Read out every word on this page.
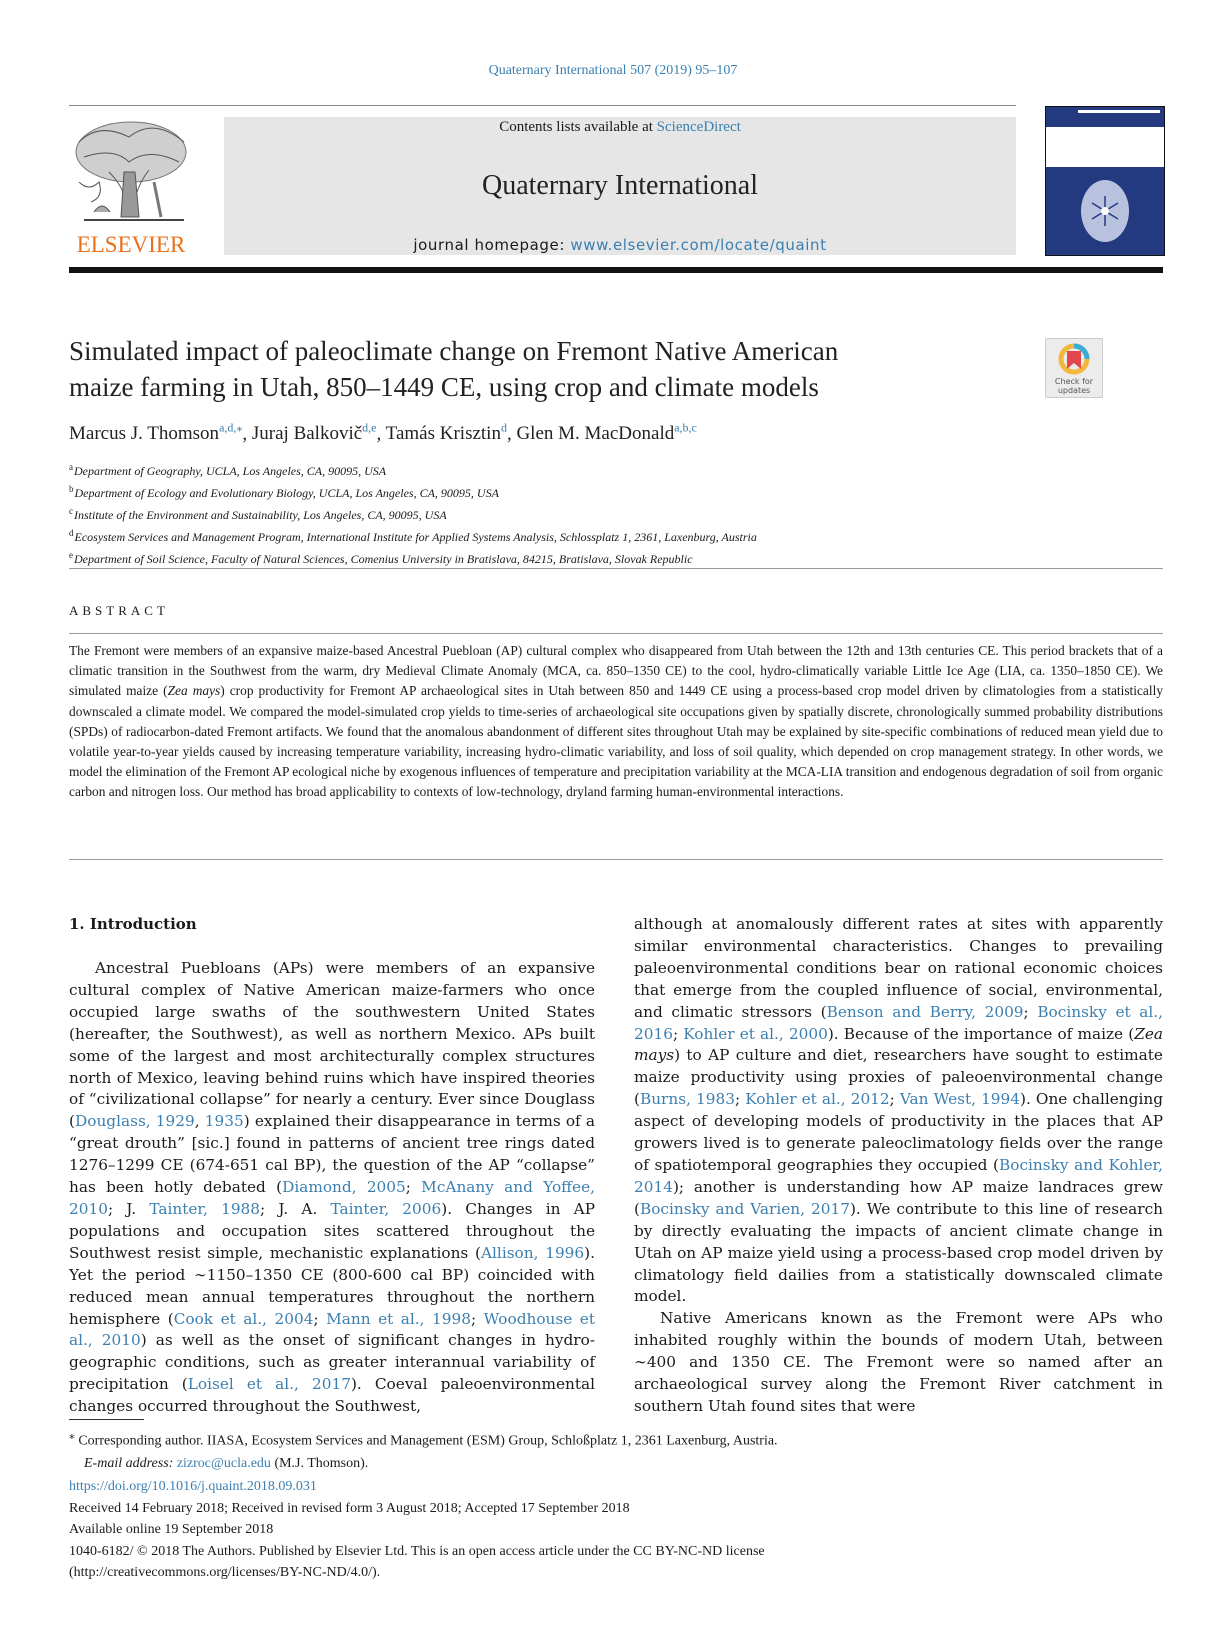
Quaternary International 507 (2019) 95–107
ELSEVIER
Contents lists available at ScienceDirect
Quaternary International
journal homepage: www.elsevier.com/locate/quaint
Simulated impact of paleoclimate change on Fremont Native American
maize farming in Utah, 850–1449 CE, using crop and climate models	Check for
updates
Marcus J. Thomson$^{a,d,⁎}$, Juraj Balkovič$^{d,e}$, Tamás Krisztin$^d$, Glen M. MacDonald$^{a,b,c}$
$^a$Department of Geography, UCLA, Los Angeles, CA, 90095, USA
$^b$Department of Ecology and Evolutionary Biology, UCLA, Los Angeles, CA, 90095, USA
$^c$Institute of the Environment and Sustainability, Los Angeles, CA, 90095, USA
$^d$Ecosystem Services and Management Program, International Institute for Applied Systems Analysis, Schlossplatz 1, 2361, Laxenburg, Austria
$^e$Department of Soil Science, Faculty of Natural Sciences, Comenius University in Bratislava, 84215, Bratislava, Slovak Republic
ABSTRACT
The Fremont were members of an expansive maize-based Ancestral Puebloan (AP) cultural complex who disappeared from Utah between the 12th and 13th centuries CE. This period brackets that of a climatic transition in the Southwest from the warm, dry Medieval Climate Anomaly (MCA, ca. 850–1350 CE) to the cool, hydro-climatically variable Little Ice Age (LIA, ca. 1350–1850 CE). We simulated maize (Zea mays) crop productivity for Fremont AP archaeological sites in Utah between 850 and 1449 CE using a process-based crop model driven by climatologies from a statistically downscaled a climate model. We compared the model-simulated crop yields to time-series of archaeological site occupations given by spatially discrete, chronologically summed probability distributions (SPDs) of radiocarbon-dated Fremont artifacts. We found that the anomalous abandonment of different sites throughout Utah may be explained by site-specific combinations of reduced mean yield due to volatile year-to-year yields caused by increasing temperature variability, increasing hydro-climatic variability, and loss of soil quality, which depended on crop management strategy. In other words, we model the elimination of the Fremont AP ecological niche by exogenous influences of temperature and precipitation variability at the MCA-LIA transition and endogenous degradation of soil from organic carbon and nitrogen loss. Our method has broad applicability to contexts of low-technology, dryland farming human-environmental interactions.
1. Introduction

Ancestral Puebloans (APs) were members of an expansive cultural complex of Native American maize-farmers who once occupied large swaths of the southwestern United States (hereafter, the Southwest), as well as northern Mexico. APs built some of the largest and most architecturally complex structures north of Mexico, leaving behind ruins which have inspired theories of “civilizational collapse” for nearly a century. Ever since Douglass (Douglass, 1929, 1935) explained their disappearance in terms of a “great drouth” [sic.] found in patterns of ancient tree rings dated 1276–1299 CE (674-651 cal BP), the question of the AP “collapse” has been hotly debated (Diamond, 2005; McAnany and Yoffee, 2010; J. Tainter, 1988; J. A. Tainter, 2006). Changes in AP populations and occupation sites scattered throughout the Southwest resist simple, mechanistic explanations (Allison, 1996). Yet the period ∼1150–1350 CE (800-600 cal BP) coincided with reduced mean annual temperatures throughout the northern hemisphere (Cook et al., 2004; Mann et al., 1998; Woodhouse et al., 2010) as well as the onset of significant changes in hydro-geographic conditions, such as greater interannual variability of precipitation (Loisel et al., 2017). Coeval paleoenvironmental changes occurred throughout the Southwest,

although at anomalously different rates at sites with apparently similar environmental characteristics. Changes to prevailing paleoenvironmental conditions bear on rational economic choices that emerge from the coupled influence of social, environmental, and climatic stressors (Benson and Berry, 2009; Bocinsky et al., 2016; Kohler et al., 2000). Because of the importance of maize (Zea mays) to AP culture and diet, researchers have sought to estimate maize productivity using proxies of paleoenvironmental change (Burns, 1983; Kohler et al., 2012; Van West, 1994). One challenging aspect of developing models of productivity in the places that AP growers lived is to generate paleoclimatology fields over the range of spatiotemporal geographies they occupied (Bocinsky and Kohler, 2014); another is understanding how AP maize landraces grew (Bocinsky and Varien, 2017). We contribute to this line of research by directly evaluating the impacts of ancient climate change in Utah on AP maize yield using a process-based crop model driven by climatology field dailies from a statistically downscaled climate model.

Native Americans known as the Fremont were APs who inhabited roughly within the bounds of modern Utah, between ∼400 and 1350 CE. The Fremont were so named after an archaeological survey along the Fremont River catchment in southern Utah found sites that were

⁎ Corresponding author. IIASA, Ecosystem Services and Management (ESM) Group, Schloßplatz 1, 2361 Laxenburg, Austria.
E-mail address: zizroc@ucla.edu (M.J. Thomson).
https://doi.org/10.1016/j.quaint.2018.09.031
Received 14 February 2018; Received in revised form 3 August 2018; Accepted 17 September 2018
Available online 19 September 2018
1040-6182/ © 2018 The Authors. Published by Elsevier Ltd. This is an open access article under the CC BY-NC-ND license
(http://creativecommons.org/licenses/BY-NC-ND/4.0/).
